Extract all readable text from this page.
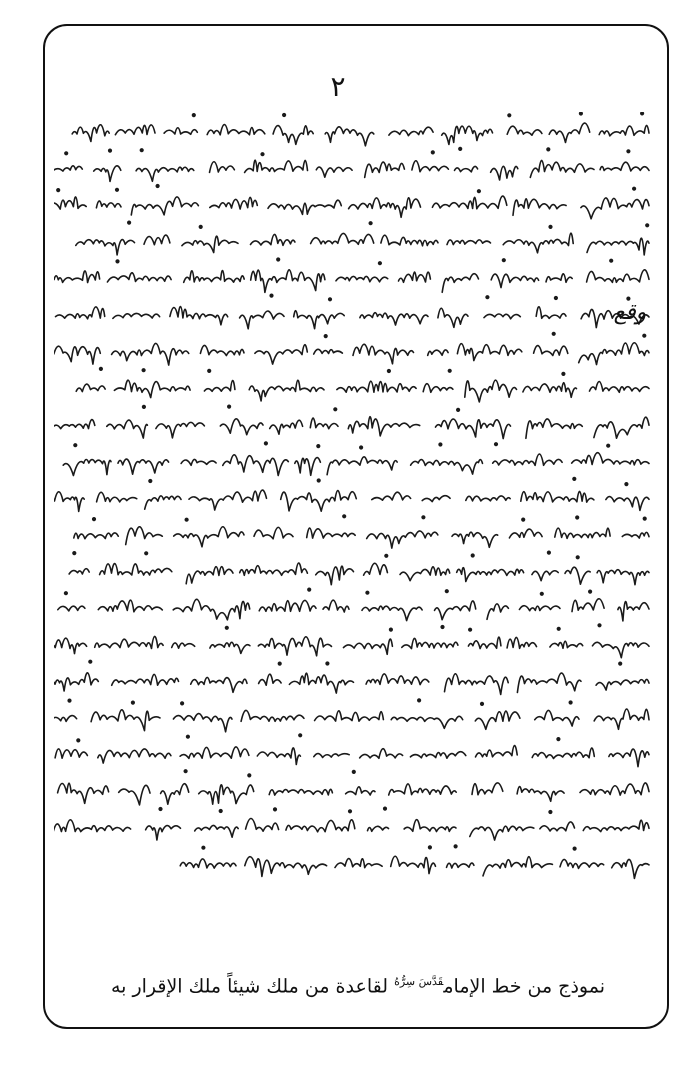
٢
وقع
نموذج من خط الإمام$^{قَدَّسَ سِرُّهُ}$ لقاعدة من ملك شيئاً ملك الإقرار به
